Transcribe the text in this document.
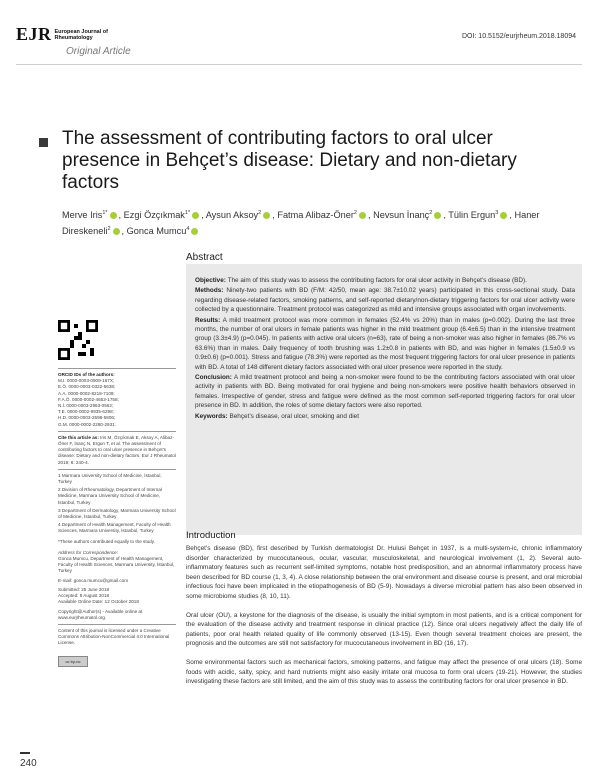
EJR European Journal of
Rheumatology	DOI: 10.5152/eurjrheum.2018.18094
Original Article
The assessment of contributing factors to oral ulcer presence in Behçet’s disease: Dietary and non-dietary factors
Merve Iris$^{1*}$ , Ezgi Özçıkmak$^{1*}$ , Aysun Aksoy$^2$ , Fatma Alibaz-Öner$^2$ , Nevsun İnanç$^2$ , Tülin Ergun$^3$ , Haner Direskeneli$^2$ , Gonca Mumcu$^4$
Abstract

Objective: The aim of this study was to assess the contributing factors for oral ulcer activity in Behçet’s disease (BD).

Methods: Ninety-two patients with BD (F/M: 42/50, mean age: 38.7±10.02 years) participated in this cross-sectional study. Data regarding disease-related factors, smoking patterns, and self-reported dietary/non-dietary triggering factors for oral ulcer activity were collected by a questionnaire. Treatment protocol was categorized as mild and intensive groups associated with organ involvements.

Results: A mild treatment protocol was more common in females (52.4% vs 20%) than in males (p=0.002). During the last three months, the number of oral ulcers in female patients was higher in the mild treatment group (6.4±6.5) than in the intensive treatment group (3.3±4.9) (p=0.045). In patients with active oral ulcers (n=63), rate of being a non-smoker was also higher in females (86.7% vs 63.6%) than in males. Daily frequency of tooth brushing was 1.2±0.8 in patients with BD, and was higher in females (1.5±0.9 vs 0.9±0.6) (p=0.001). Stress and fatigue (78.3%) were reported as the most frequent triggering factors for oral ulcer presence in patients with BD. A total of 148 different dietary factors associated with oral ulcer presence were reported in the study.

Conclusion: A mild treatment protocol and being a non-smoker were found to be the contributing factors associated with oral ulcer activity in patients with BD. Being motivated for oral hygiene and being non-smokers were positive health behaviors observed in females. Irrespective of gender, stress and fatigue were defined as the most common self-reported triggering factors for oral ulcer presence in BD. In addition, the roles of some dietary factors were also reported.

Keywords: Behçet’s disease, oral ulcer, smoking and diet

ORCID IDs of the authors:
M.I. 0000-0003-0909-167X;
E.Ö. 0000-0003-0322-5638;
A.A. 0000-0002-8218-7109;
F.A.Ö. 0000-0002-4653-1758;
N.İ. 0000-0003-2963-0562;
T.E. 0000-0002-9935-6298;
H.D. 0000-0003-2598-5806;
G.M. 0000-0002-2280-2931.
Cite this article as: Iris M, Özçıkmak E, Aksoy A, Alibaz-Öner F, İnanç N, Ergun T, et al. The assessment of contributing factors to oral ulcer presence in Behçet's disease: Dietary and non-dietary factors. Eur J Rheumatol 2019; 6: 240-4.
1 Marmara University School of Medicine, İstanbul, Turkey
2 Division of Rheumatology, Department of Internal Medicine, Marmara University School of Medicine, İstanbul, Turkey
3 Department of Dermatology, Marmara University School of Medicine, İstanbul, Turkey
4 Department of Health Management, Faculty of Health Sciences, Marmara University, İstanbul, Turkey
*These authors contributed equally to the study.
Address for Correspondence:
Gonca Mumcu, Department of Health Management, Faculty of Health Sciences, Marmara University, İstanbul, Turkey
E-mail: gonca.mumcu@gmail.com
Submitted: 25 June 2018
Accepted: 8 August 2018
Available Online Date: 12 October 2018
Copyright@Author(s) - Available online at www.eurjrheumatol.org.
Content of this journal is licensed under a Creative Commons Attribution-NonCommercial 4.0 International License.
cc by-nc
Introduction

Behçet’s disease (BD), first described by Turkish dermatologist Dr. Hulusi Behçet in 1937, is a multi-system-ic, chronic inflammatory disorder characterized by mucocutaneous, ocular, vascular, musculoskeletal, and neurological involvement (1, 2). Several auto-inflammatory features such as recurrent self-limited symptoms, notable host predisposition, and an abnormal inflammatory process have been described for BD course (1, 3, 4). A close relationship between the oral environment and disease course is present, and oral microbial infectious foci have been implicated in the etiopathogenesis of BD (5-9). Nowadays a diverse microbial pattern has also been observed in some microbiome studies (8, 10, 11).

Oral ulcer (OU), a keystone for the diagnosis of the disease, is usually the initial symptom in most patients, and is a critical component for the evaluation of the disease activity and treatment response in clinical practice (12). Since oral ulcers negatively affect the daily life of patients, poor oral health related quality of life commonly observed (13-15). Even though several treatment choices are present, the prognosis and the outcomes are still not satisfactory for mucocutaneous involvement in BD (16, 17).

Some environmental factors such as mechanical factors, smoking patterns, and fatigue may affect the presence of oral ulcers (18). Some foods with acidic, salty, spicy, and hard nutrients might also easily irritate oral mucosa to form oral ulcers (19-21). However, the studies investigating these factors are still limited, and the aim of this study was to assess the contributing factors for oral ulcer presence in BD.

240
